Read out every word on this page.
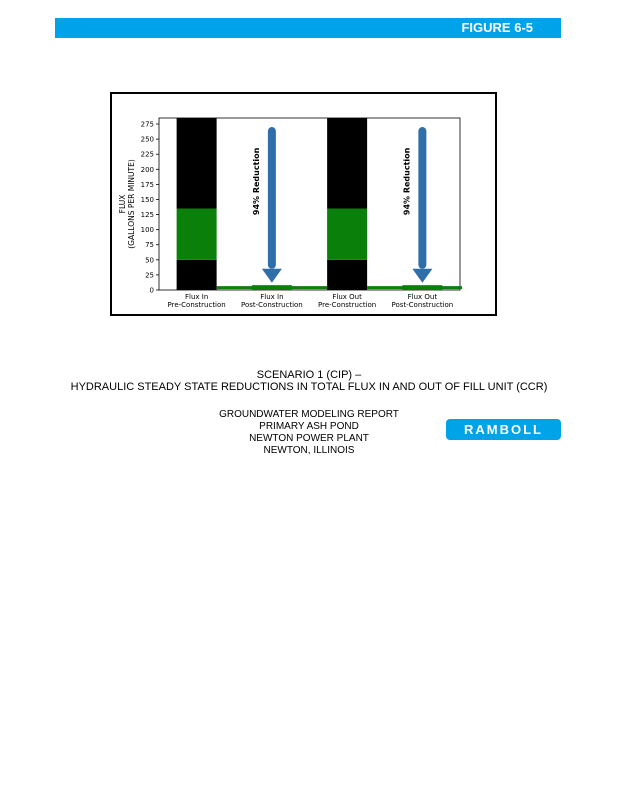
FIGURE 6-5
0
25
50
75
100
125
150
175
200
225
250
275
FLUX (GALLONS PER MINUTE)
Flux In
Pre-Construction
Flux In
Post-Construction
Flux Out
Pre-Construction
Flux Out
Post-Construction
94% Reduction	94% Reduction
SCENARIO 1 (CIP) –
HYDRAULIC STEADY STATE REDUCTIONS IN TOTAL FLUX IN AND OUT OF FILL UNIT (CCR)
GROUNDWATER MODELING REPORT
PRIMARY ASH POND
NEWTON POWER PLANT
NEWTON, ILLINOIS
RAMBOLL
